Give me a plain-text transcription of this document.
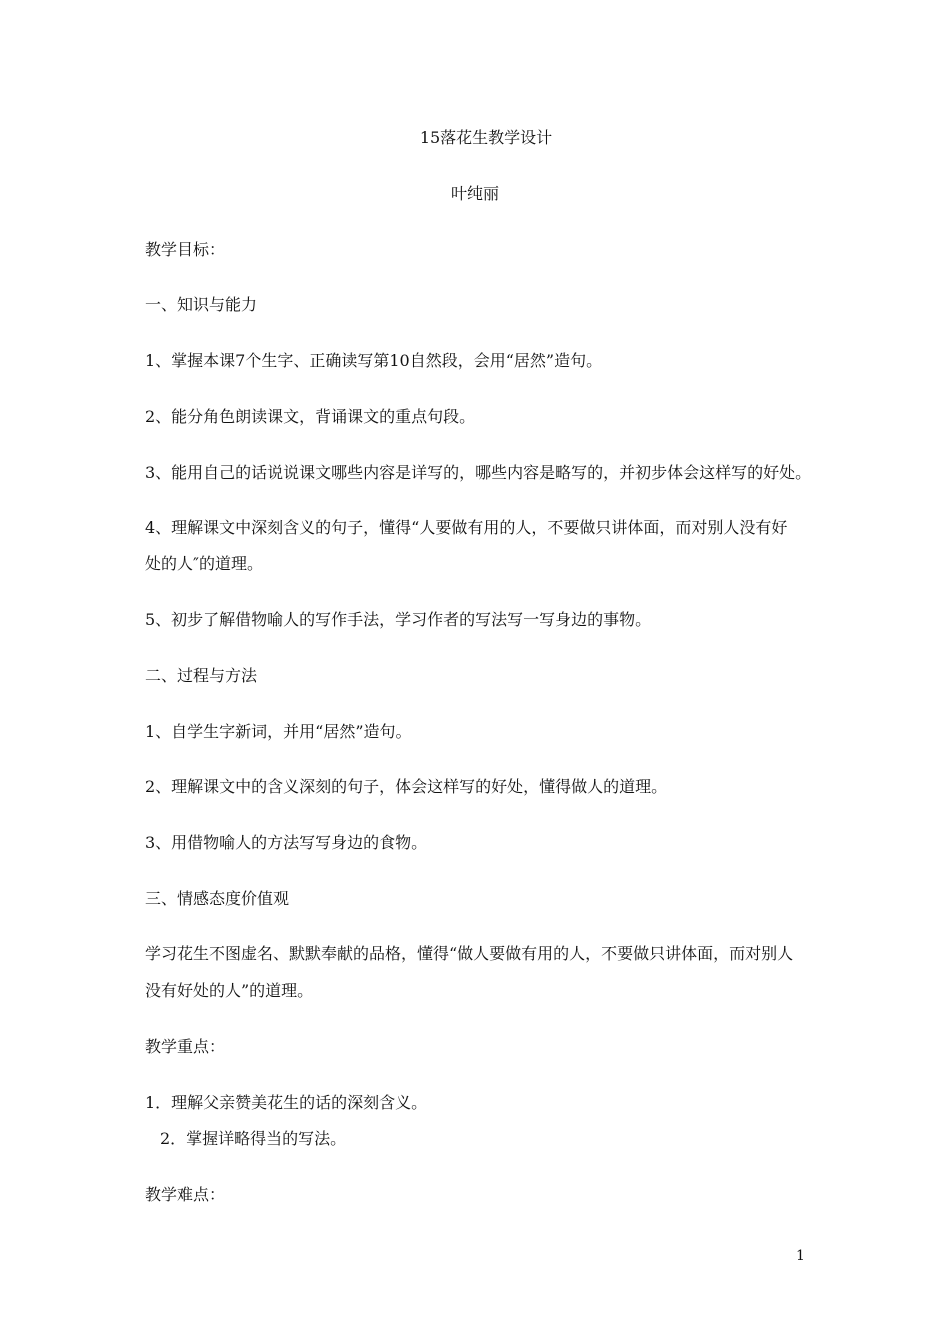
15落花生教学设计
叶纯丽
教学目标：
一、知识与能力
1、掌握本课7个生字、正确读写第10自然段，会用“居然”造句。
2、能分角色朗读课文，背诵课文的重点句段。
3、能用自己的话说说课文哪些内容是详写的，哪些内容是略写的，并初步体会这样写的好处。
4、理解课文中深刻含义的句子，懂得“人要做有用的人，不要做只讲体面，而对别人没有好
处的人″的道理。
5、初步了解借物喻人的写作手法，学习作者的写法写一写身边的事物。
二、过程与方法
1、自学生字新词，并用“居然”造句。
2、理解课文中的含义深刻的句子，体会这样写的好处，懂得做人的道理。
3、用借物喻人的方法写写身边的食物。
三、情感态度价值观
学习花生不图虚名、默默奉献的品格，懂得“做人要做有用的人，不要做只讲体面，而对别人
没有好处的人”的道理。
教学重点：
1．理解父亲赞美花生的话的深刻含义。
2．掌握详略得当的写法。
教学难点：
1
